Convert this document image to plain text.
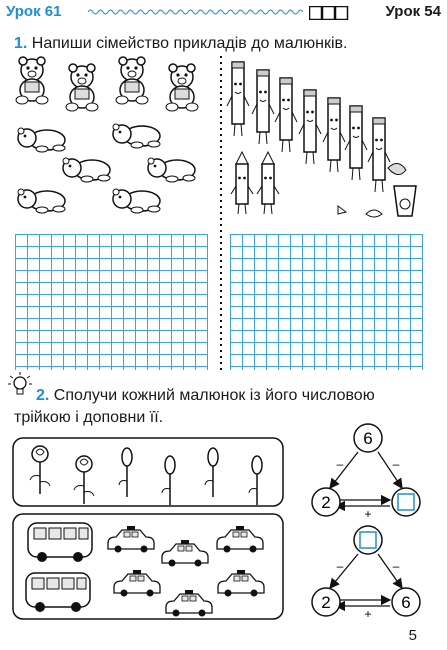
Урок 61	Урок 54
1. Напиши сімейство прикладів до малюнків.
2. Сполучи кожний малюнок із його числовою
трійкою і доповни її.
6
2
–	–
+
2	6
–	–
+
5
